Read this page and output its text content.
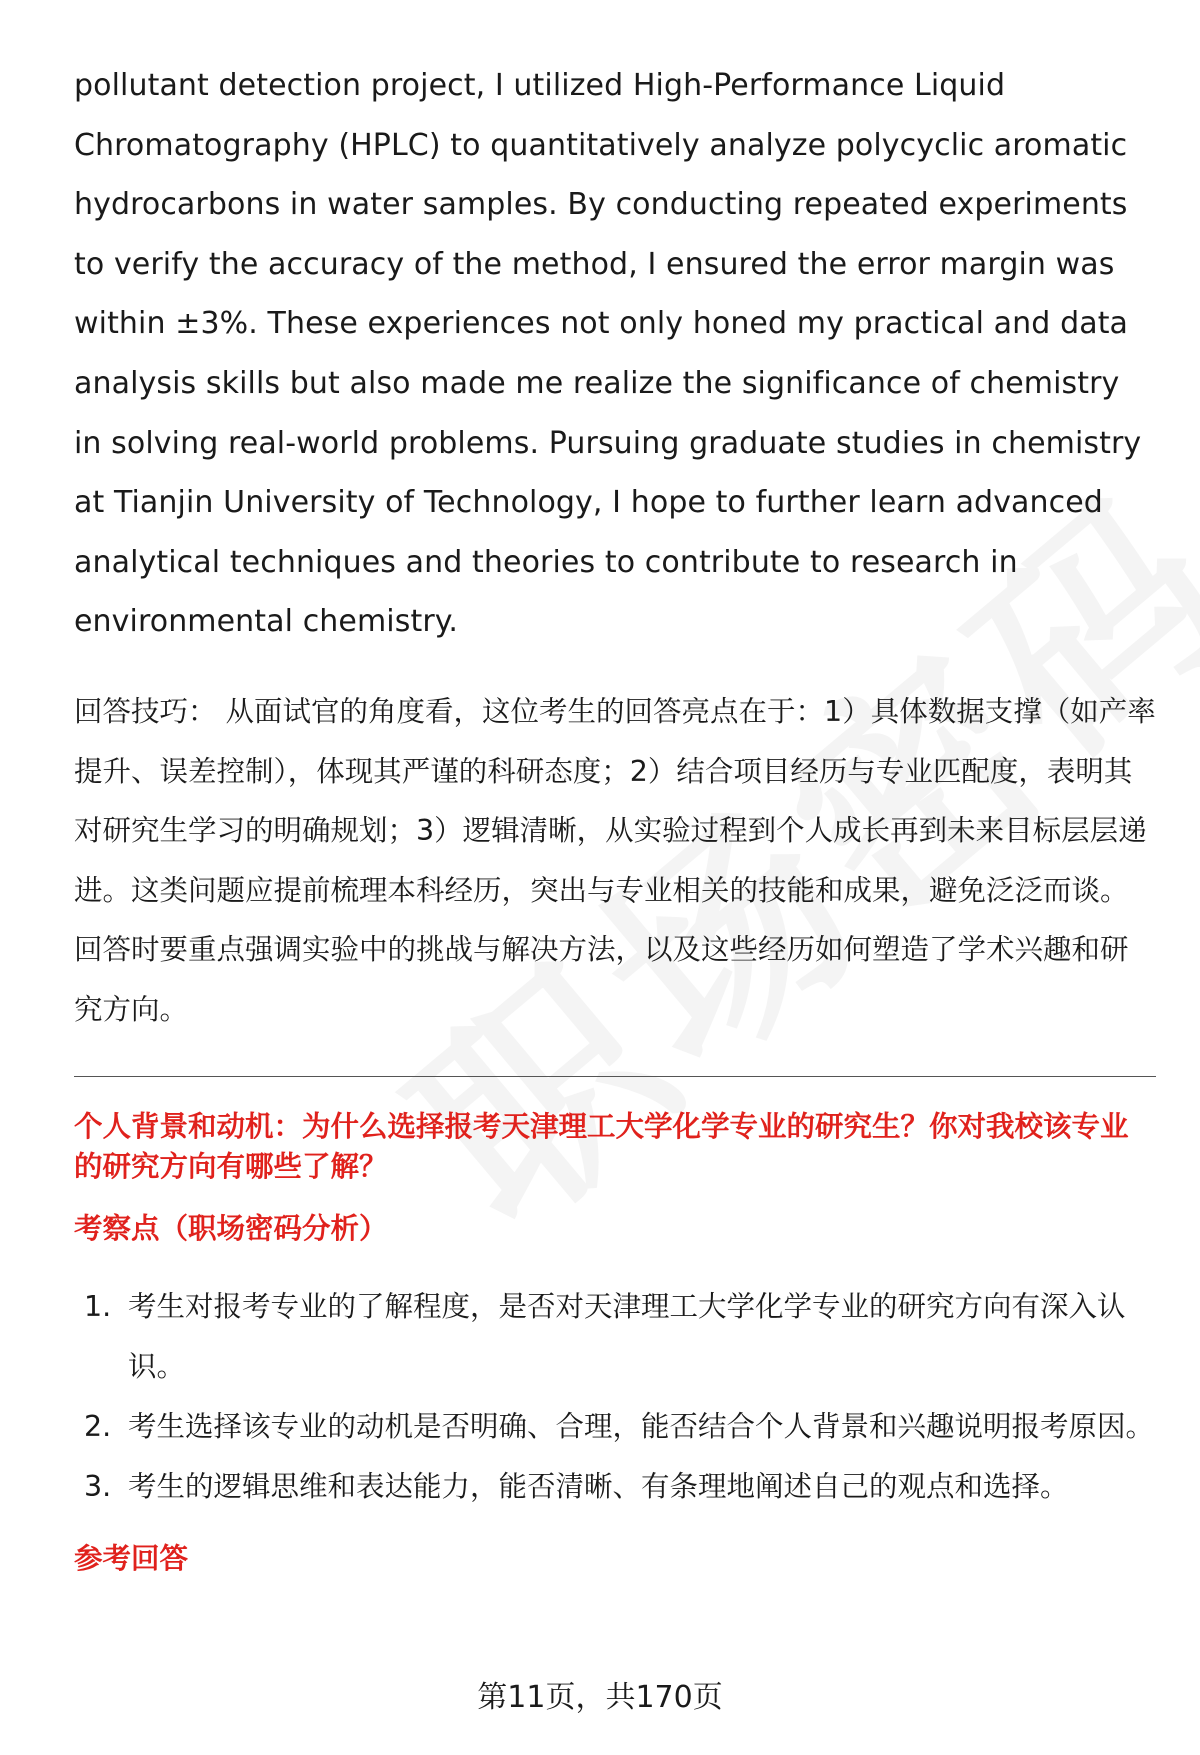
pollutant detection project, I utilized High-Performance Liquid Chromatography (HPLC) to quantitatively analyze polycyclic aromatic hydrocarbons in water samples. By conducting repeated experiments to verify the accuracy of the method, I ensured the error margin was within ±3%. These experiences not only honed my practical and data analysis skills but also made me realize the significance of chemistry in solving real-world problems. Pursuing graduate studies in chemistry at Tianjin University of Technology, I hope to further learn advanced analytical techniques and theories to contribute to research in environmental chemistry.

回答技巧： 从面试官的角度看，这位考生的回答亮点在于：1）具体数据支撑（如产率提升、误差控制），体现其严谨的科研态度；2）结合项目经历与专业匹配度，表明其对研究生学习的明确规划；3）逻辑清晰，从实验过程到个人成长再到未来目标层层递进。这类问题应提前梳理本科经历，突出与专业相关的技能和成果，避免泛泛而谈。回答时要重点强调实验中的挑战与解决方法，以及这些经历如何塑造了学术兴趣和研究方向。
个人背景和动机：为什么选择报考天津理工大学化学专业的研究生？你对我校该专业的研究方向有哪些了解？
考察点（职场密码分析）
1. 考生对报考专业的了解程度，是否对天津理工大学化学专业的研究方向有深入认识。
2. 考生选择该专业的动机是否明确、合理，能否结合个人背景和兴趣说明报考原因。
3. 考生的逻辑思维和表达能力，能否清晰、有条理地阐述自己的观点和选择。
参考回答
第11页，共170页
